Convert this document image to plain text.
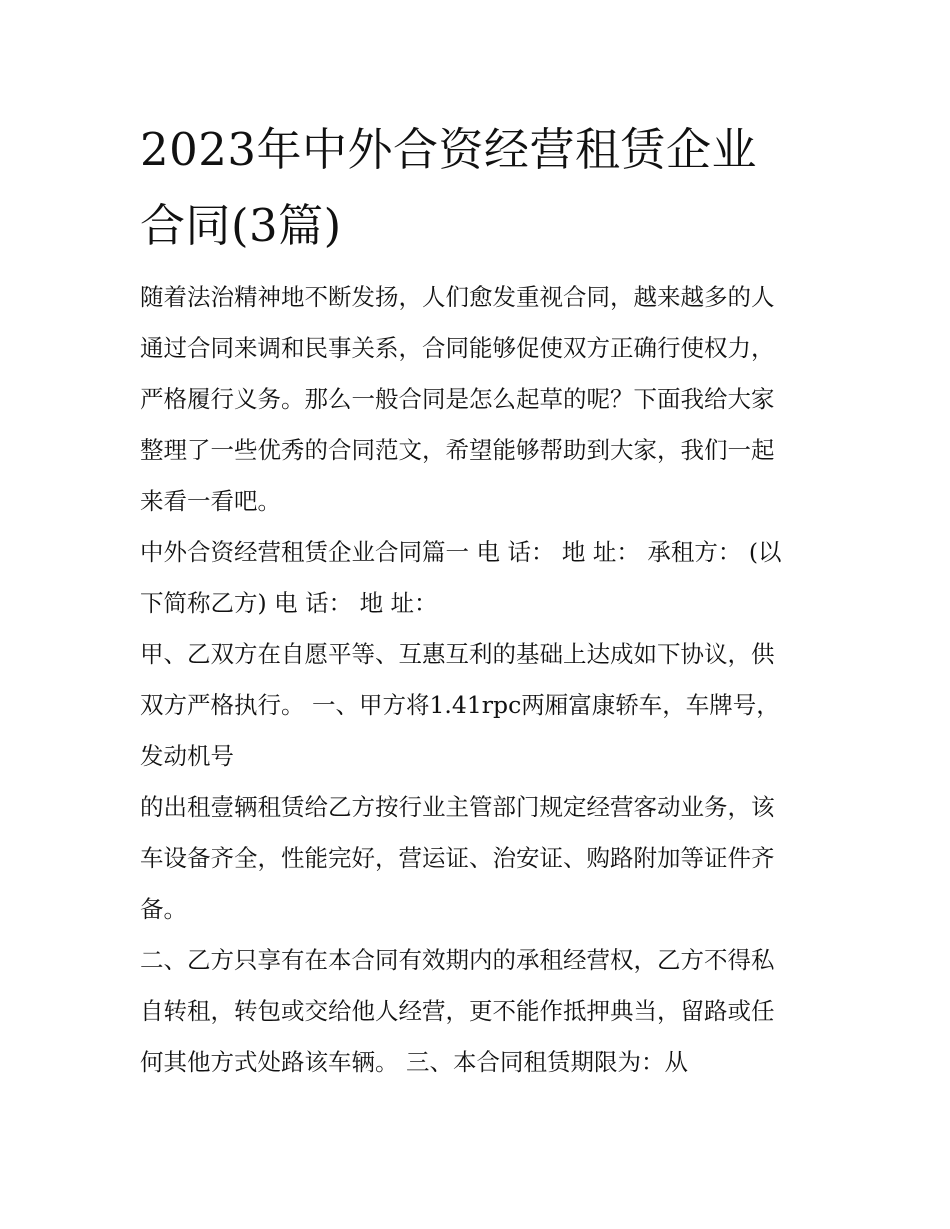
2023年中外合资经营租赁企业
合同(3篇)

随着法治精神地不断发扬，人们愈发重视合同，越来越多的人
通过合同来调和民事关系，合同能够促使双方正确行使权力，
严格履行义务。那么一般合同是怎么起草的呢？下面我给大家
整理了一些优秀的合同范文，希望能够帮助到大家，我们一起
来看一看吧。

中外合资经营租赁企业合同篇一 电 话： 地 址： 承租方： (以
下简称乙方) 电 话： 地 址：

甲、乙双方在自愿平等、互惠互利的基础上达成如下协议，供
双方严格执行。 一、甲方将1.41rpc两厢富康轿车，车牌号，
发动机号

的出租壹辆租赁给乙方按行业主管部门规定经营客动业务，该
车设备齐全，性能完好，营运证、治安证、购路附加等证件齐
备。

二、乙方只享有在本合同有效期内的承租经营权，乙方不得私
自转租，转包或交给他人经营，更不能作抵押典当，留路或任
何其他方式处路该车辆。 三、本合同租赁期限为：从
